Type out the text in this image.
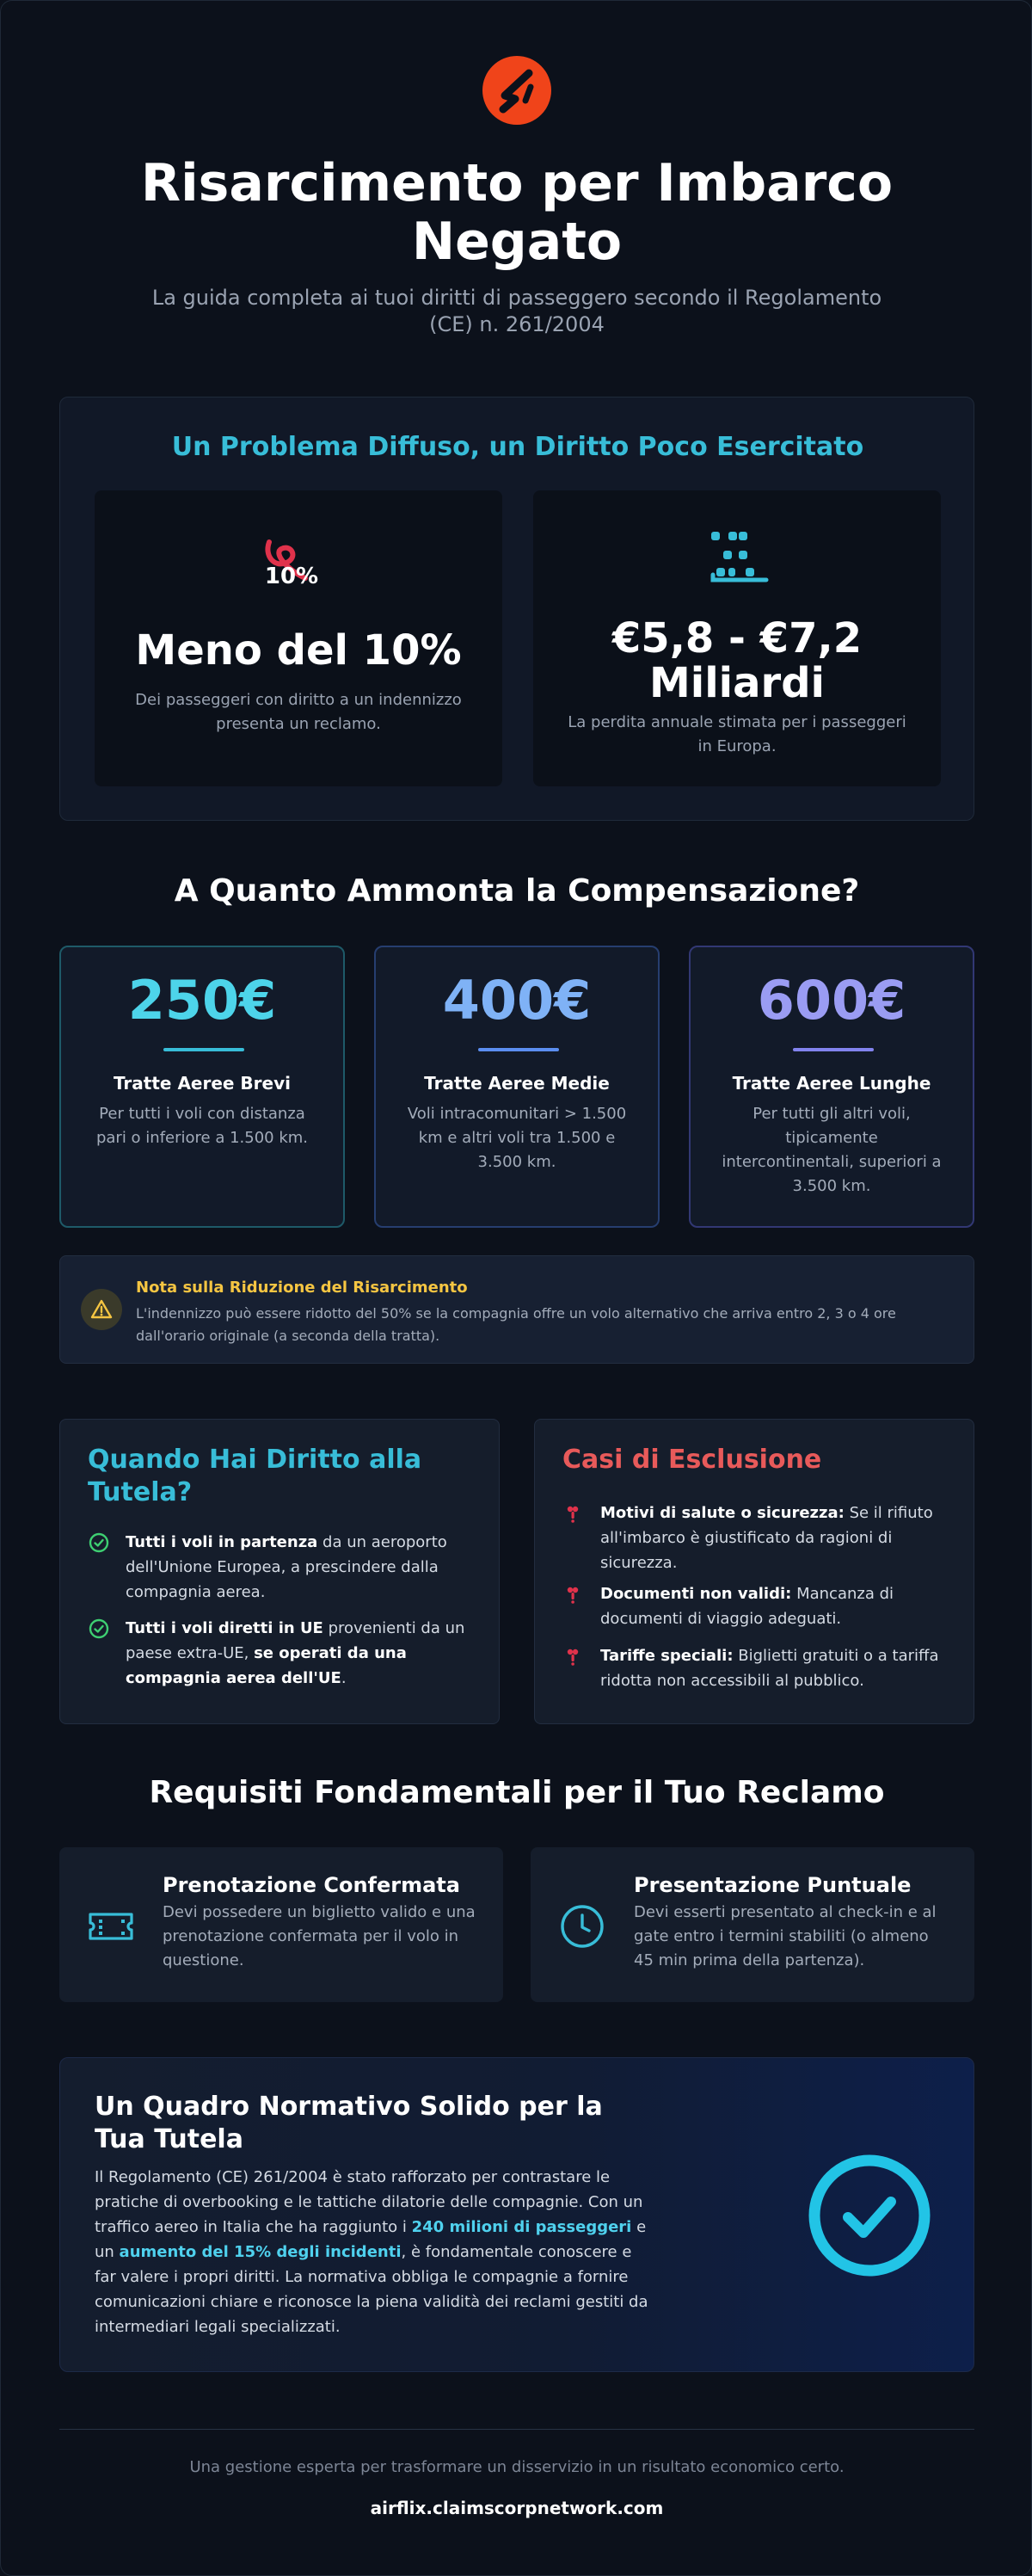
Risarcimento per Imbarco Negato
La guida completa ai tuoi diritti di passeggero secondo il Regolamento (CE) n. 261/2004
Un Problema Diffuso, un Diritto Poco Esercitato
10%
Meno del 10%
Dei passeggeri con diritto a un indennizzo presenta un reclamo.
€5,8 - €7,2 Miliardi
La perdita annuale stimata per i passeggeri in Europa.
A Quanto Ammonta la Compensazione?
250€
Tratte Aeree Brevi
Per tutti i voli con distanza pari o inferiore a 1.500 km.
400€
Tratte Aeree Medie
Voli intracomunitari > 1.500 km e altri voli tra 1.500 e 3.500 km.
600€
Tratte Aeree Lunghe
Per tutti gli altri voli, tipicamente intercontinentali, superiori a 3.500 km.
Nota sulla Riduzione del Risarcimento
L'indennizzo può essere ridotto del 50% se la compagnia offre un volo alternativo che arriva entro 2, 3 o 4 ore dall'orario originale (a seconda della tratta).
Quando Hai Diritto alla Tutela?
Tutti i voli in partenza da un aeroporto dell'Unione Europea, a prescindere dalla compagnia aerea.
Tutti i voli diretti in UE provenienti da un paese extra-UE, se operati da una compagnia aerea dell'UE.
Casi di Esclusione
Motivi di salute o sicurezza: Se il rifiuto all'imbarco è giustificato da ragioni di sicurezza.
Documenti non validi: Mancanza di documenti di viaggio adeguati.
Tariffe speciali: Biglietti gratuiti o a tariffa ridotta non accessibili al pubblico.
Requisiti Fondamentali per il Tuo Reclamo
Prenotazione Confermata
Devi possedere un biglietto valido e una prenotazione confermata per il volo in questione.
Presentazione Puntuale
Devi esserti presentato al check-in e al gate entro i termini stabiliti (o almeno 45 min prima della partenza).
Un Quadro Normativo Solido per la Tua Tutela
Il Regolamento (CE) 261/2004 è stato rafforzato per contrastare le pratiche di overbooking e le tattiche dilatorie delle compagnie. Con un traffico aereo in Italia che ha raggiunto i 240 milioni di passeggeri e un aumento del 15% degli incidenti, è fondamentale conoscere e far valere i propri diritti. La normativa obbliga le compagnie a fornire comunicazioni chiare e riconosce la piena validità dei reclami gestiti da intermediari legali specializzati.
Una gestione esperta per trasformare un disservizio in un risultato economico certo.
airflix.claimscorpnetwork.com
